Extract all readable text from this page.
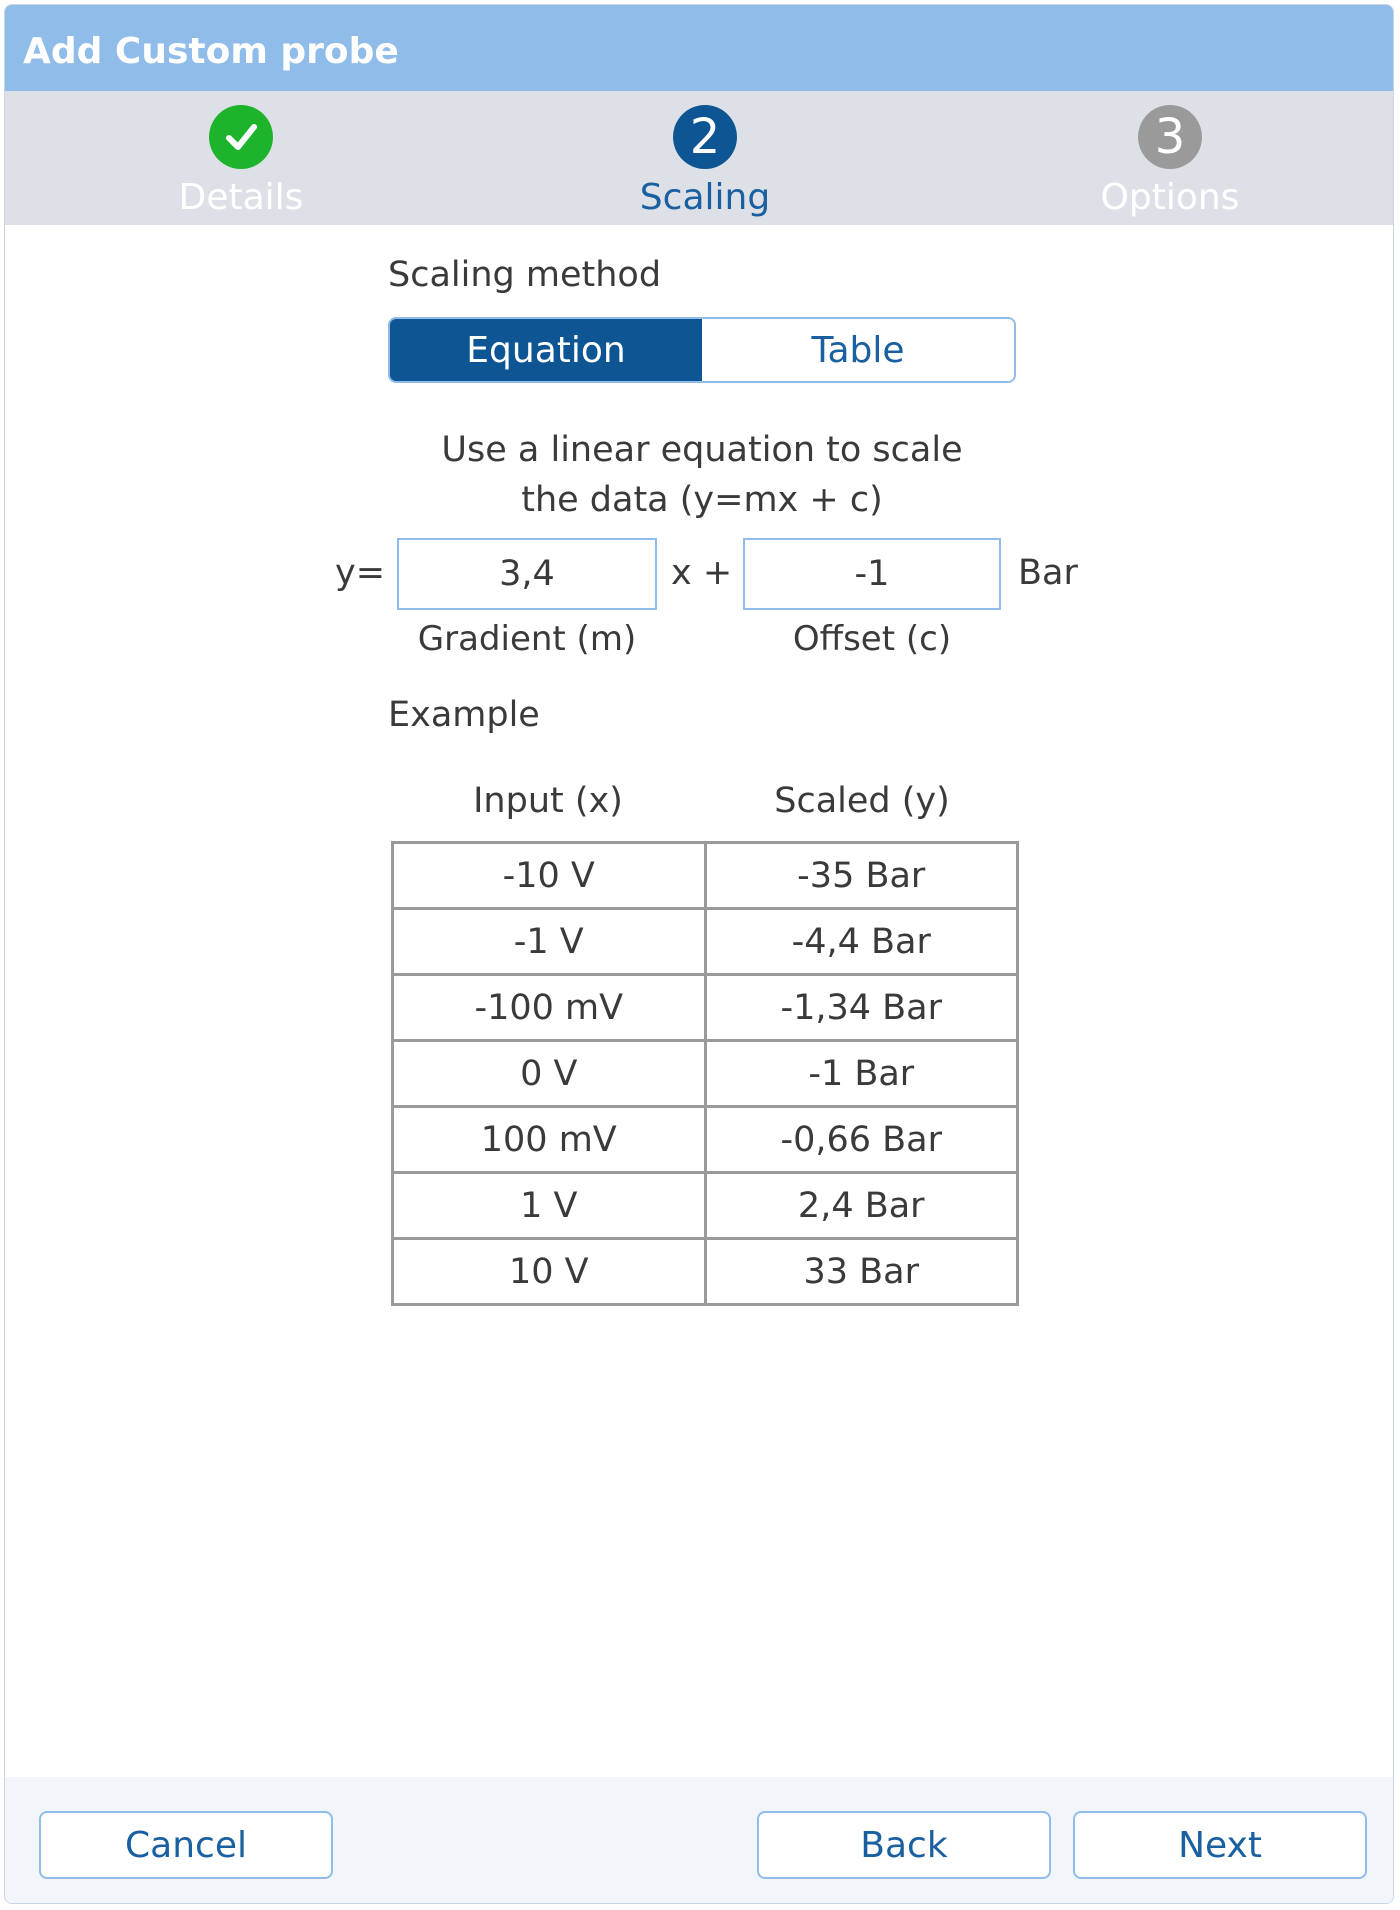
Add Custom probe
Details
2
Scaling
3
Options
Scaling method
Equation	Table
Use a linear equation to scale
the data (y=mx + c)
y=
3,4	x +
-1	Bar
Gradient (m)	Offset (c)
Example
Input (x)	Scaled (y)
-10 V	-35 Bar
-1 V	-4,4 Bar
-100 mV	-1,34 Bar
0 V	-1 Bar
100 mV	-0,66 Bar
1 V	2,4 Bar
10 V	33 Bar
Cancel	Back	Next
